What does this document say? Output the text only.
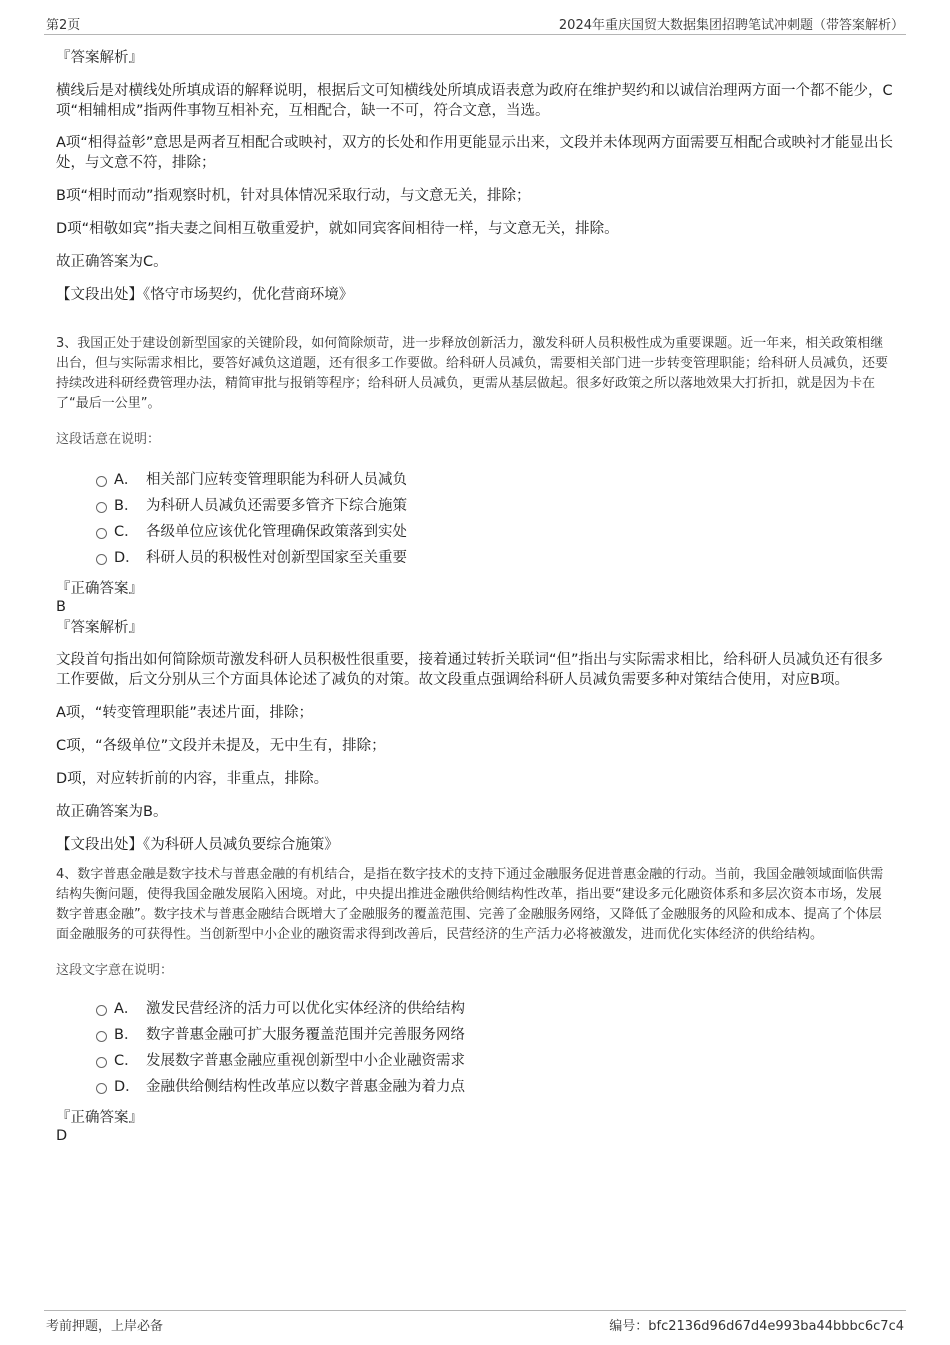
第2页	2024年重庆国贸大数据集团招聘笔试冲刺题（带答案解析）

『答案解析』

横线后是对横线处所填成语的解释说明，根据后文可知横线处所填成语表意为政府在维护契约和以诚信治理两方面一个都不能少，C项“相辅相成”指两件事物互相补充，互相配合，缺一不可，符合文意，当选。

A项“相得益彰”意思是两者互相配合或映衬，双方的长处和作用更能显示出来，文段并未体现两方面需要互相配合或映衬才能显出长处，与文意不符，排除；

B项“相时而动”指观察时机，针对具体情况采取行动，与文意无关，排除；

D项“相敬如宾”指夫妻之间相互敬重爱护，就如同宾客间相待一样，与文意无关，排除。

故正确答案为C。

【文段出处】《恪守市场契约，优化营商环境》

3、我国正处于建设创新型国家的关键阶段，如何简除烦苛，进一步释放创新活力，激发科研人员积极性成为重要课题。近一年来，相关政策相继出台，但与实际需求相比，要答好减负这道题，还有很多工作要做。给科研人员减负，需要相关部门进一步转变管理职能；给科研人员减负，还要持续改进科研经费管理办法，精简审批与报销等程序；给科研人员减负，更需从基层做起。很多好政策之所以落地效果大打折扣，就是因为卡在了“最后一公里”。

这段话意在说明：

A． 相关部门应转变管理职能为科研人员减负
B． 为科研人员减负还需要多管齐下综合施策
C． 各级单位应该优化管理确保政策落到实处
D． 科研人员的积极性对创新型国家至关重要

『正确答案』

B

『答案解析』

文段首句指出如何简除烦苛激发科研人员积极性很重要，接着通过转折关联词“但”指出与实际需求相比，给科研人员减负还有很多工作要做，后文分别从三个方面具体论述了减负的对策。故文段重点强调给科研人员减负需要多种对策结合使用，对应B项。

A项，“转变管理职能”表述片面，排除；

C项，“各级单位”文段并未提及，无中生有，排除；

D项，对应转折前的内容，非重点，排除。

故正确答案为B。

【文段出处】《为科研人员减负要综合施策》

4、数字普惠金融是数字技术与普惠金融的有机结合，是指在数字技术的支持下通过金融服务促进普惠金融的行动。当前，我国金融领域面临供需结构失衡问题，使得我国金融发展陷入困境。对此，中央提出推进金融供给侧结构性改革，指出要“建设多元化融资体系和多层次资本市场，发展数字普惠金融”。数字技术与普惠金融结合既增大了金融服务的覆盖范围、完善了金融服务网络，又降低了金融服务的风险和成本、提高了个体层面金融服务的可获得性。当创新型中小企业的融资需求得到改善后，民营经济的生产活力必将被激发，进而优化实体经济的供给结构。

这段文字意在说明：

A． 激发民营经济的活力可以优化实体经济的供给结构
B． 数字普惠金融可扩大服务覆盖范围并完善服务网络
C． 发展数字普惠金融应重视创新型中小企业融资需求
D． 金融供给侧结构性改革应以数字普惠金融为着力点

『正确答案』

D

考前押题，上岸必备	编号：bfc2136d96d67d4e993ba44bbbc6c7c4
